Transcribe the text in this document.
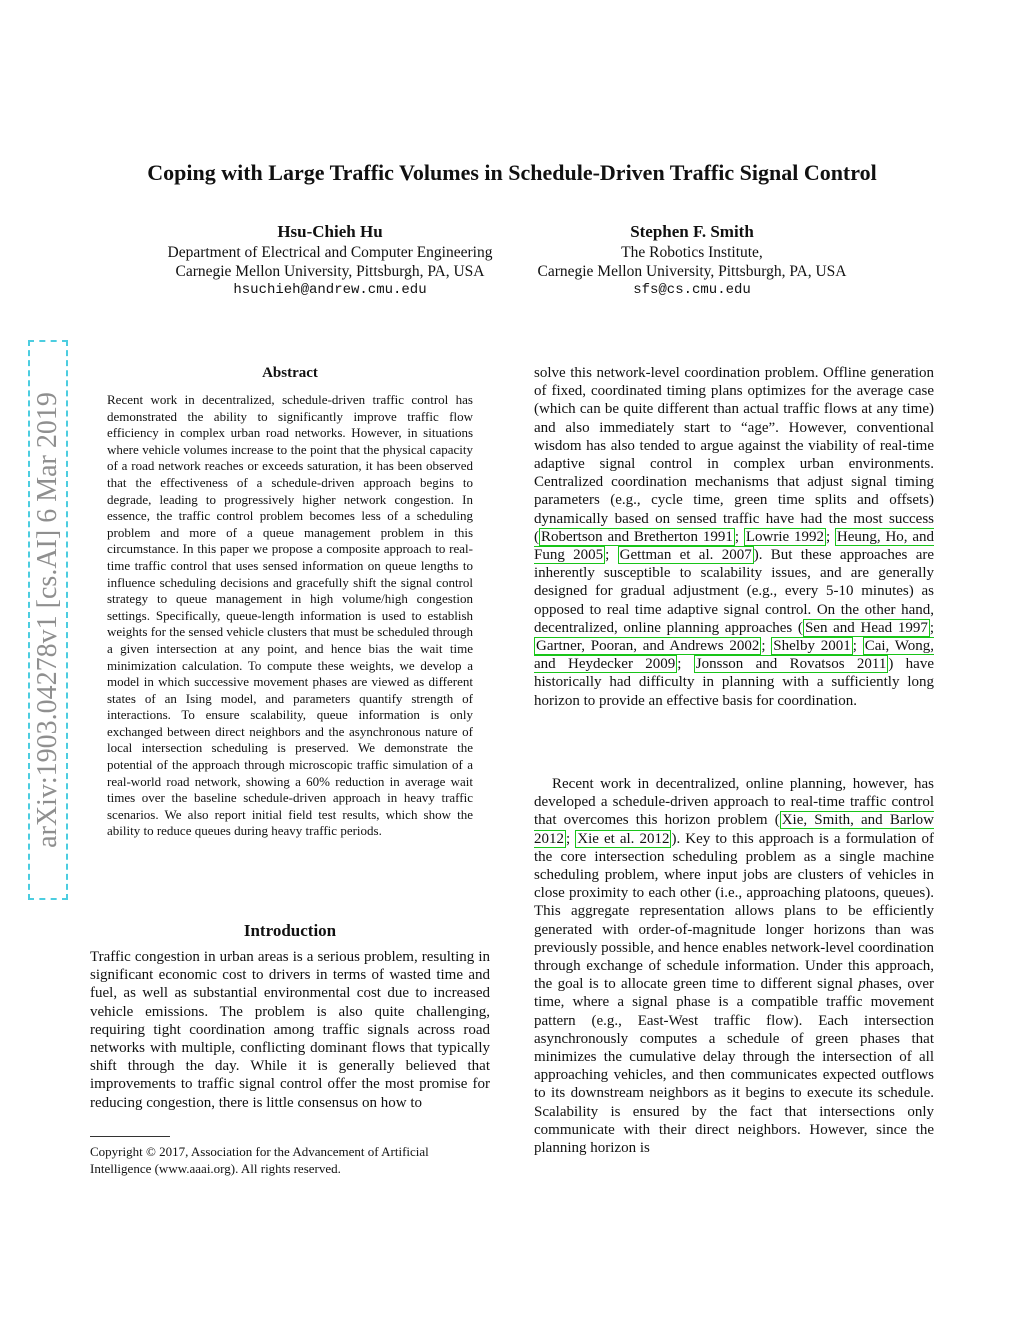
Coping with Large Traffic Volumes in Schedule-Driven Traffic Signal Control
Hsu-Chieh Hu
Department of Electrical and Computer Engineering
Carnegie Mellon University, Pittsburgh, PA, USA
hsuchieh@andrew.cmu.edu
Stephen F. Smith
The Robotics Institute,
Carnegie Mellon University, Pittsburgh, PA, USA
sfs@cs.cmu.edu
arXiv:1903.04278v1 [cs.AI] 6 Mar 2019
Abstract
Recent work in decentralized, schedule-driven traffic control has demonstrated the ability to significantly improve traffic flow efficiency in complex urban road networks. However, in situations where vehicle volumes increase to the point that the physical capacity of a road network reaches or exceeds saturation, it has been observed that the effectiveness of a schedule-driven approach begins to degrade, leading to progressively higher network congestion. In essence, the traffic control problem becomes less of a scheduling problem and more of a queue management problem in this circumstance. In this paper we propose a composite approach to real-time traffic control that uses sensed information on queue lengths to influence scheduling decisions and gracefully shift the signal control strategy to queue management in high volume/high congestion settings. Specifically, queue-length information is used to establish weights for the sensed vehicle clusters that must be scheduled through a given intersection at any point, and hence bias the wait time minimization calculation. To compute these weights, we develop a model in which successive movement phases are viewed as different states of an Ising model, and parameters quantify strength of interactions. To ensure scalability, queue information is only exchanged between direct neighbors and the asynchronous nature of local intersection scheduling is preserved. We demonstrate the potential of the approach through microscopic traffic simulation of a real-world road network, showing a 60% reduction in average wait times over the baseline schedule-driven approach in heavy traffic scenarios. We also report initial field test results, which show the ability to reduce queues during heavy traffic periods.
Introduction
Traffic congestion in urban areas is a serious problem, resulting in significant economic cost to drivers in terms of wasted time and fuel, as well as substantial environmental cost due to increased vehicle emissions. The problem is also quite challenging, requiring tight coordination among traffic signals across road networks with multiple, conflicting dominant flows that typically shift through the day. While it is generally believed that improvements to traffic signal control offer the most promise for reducing congestion, there is little consensus on how to
Copyright © 2017, Association for the Advancement of Artificial Intelligence (www.aaai.org). All rights reserved.
solve this network-level coordination problem. Offline generation of fixed, coordinated timing plans optimizes for the average case (which can be quite different than actual traffic flows at any time) and also immediately start to “age”. However, conventional wisdom has also tended to argue against the viability of real-time adaptive signal control in complex urban environments. Centralized coordination mechanisms that adjust signal timing parameters (e.g., cycle time, green time splits and offsets) dynamically based on sensed traffic have had the most success ( Robertson and Bretherton 1991 ; Lowrie 1992 ; Heung, Ho, and Fung 2005 ; Gettman et al. 2007 ). But these approaches are inherently susceptible to scalability issues, and are generally designed for gradual adjustment (e.g., every 5-10 minutes) as opposed to real time adaptive signal control. On the other hand, decentralized, online planning approaches ( Sen and Head 1997 ; Gartner, Pooran, and Andrews 2002 ; Shelby 2001 ; Cai, Wong, and Heydecker 2009 ; Jonsson and Rovatsos 2011 ) have historically had difficulty in planning with a sufficiently long horizon to provide an effective basis for coordination.
Recent work in decentralized, online planning, however, has developed a schedule-driven approach to real-time traffic control that overcomes this horizon problem ( Xie, Smith, and Barlow 2012 ; Xie et al. 2012 ). Key to this approach is a formulation of the core intersection scheduling problem as a single machine scheduling problem, where input jobs are clusters of vehicles in close proximity to each other (i.e., approaching platoons, queues). This aggregate representation allows plans to be efficiently generated with order-of-magnitude longer horizons than was previously possible, and hence enables network-level coordination through exchange of schedule information. Under this approach, the goal is to allocate green time to different signal phases, over time, where a signal phase is a compatible traffic movement pattern (e.g., East-West traffic flow). Each intersection asynchronously computes a schedule of green phases that minimizes the cumulative delay through the intersection of all approaching vehicles, and then communicates expected outflows to its downstream neighbors as it begins to execute its schedule. Scalability is ensured by the fact that intersections only communicate with their direct neighbors. However, since the planning horizon is
